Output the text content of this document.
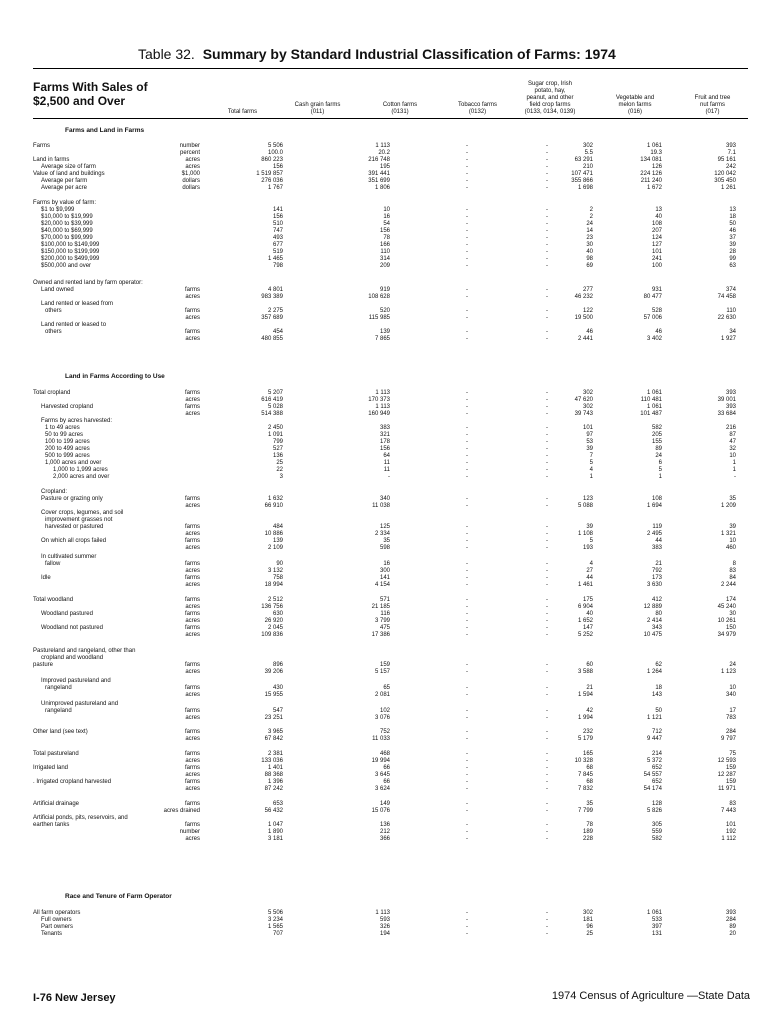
Table 32. Summary by Standard Industrial Classification of Farms: 1974
Farms With Sales of
$2,500 and Over
Total farms
Cash grain farms
(011)
Cotton farms
(0131)
Tobacco farms
(0132)
Sugar crop, Irish
potato, hay,
peanut, and other
field crop farms
(0133, 0134, 0139)
Vegetable and
melon farms
(016)
Fruit and tree
nut farms
(017)
Farms and Land in Farms
Land in Farms According to Use
Race and Tenure of Farm Operator
Farms	number	5 506	1 113	-	-	302	1 061	393
percent	100.0	20.2	-	-	5.5	19.3	7.1
Land in farms	acres	860 223	216 748	-	-	63 291	134 081	95 161
Average size of farm	acres	156	195	-	-	210	126	242
Value of land and buildings	$1,000	1 519 857	391 441	-	-	107 471	224 126	120 042
Average per farm	dollars	276 036	351 699	-	-	355 866	211 240	305 450
Average per acre	dollars	1 767	1 806	-	-	1 698	1 672	1 261
Farms by value of farm:
$1 to $9,999	141	10	-	-	2	13	13
$10,000 to $19,999	156	16	-	-	2	40	18
$20,000 to $39,999	510	54	-	-	24	108	50
$40,000 to $69,999	747	156	-	-	14	207	46
$70,000 to $99,999	493	78	-	-	23	124	37
$100,000 to $149,999	677	166	-	-	30	127	39
$150,000 to $199,999	519	110	-	-	40	101	28
$200,000 to $499,999	1 465	314	-	-	98	241	99
$500,000 and over	798	209	-	-	69	100	63
Owned and rented land by farm operator:
Land owned	farms	4 801	919	-	-	277	931	374
acres	983 389	108 628	-	-	46 232	80 477	74 458
Land rented or leased from
others	farms	2 275	520	-	-	122	528	110
acres	357 689	115 985	-	-	19 500	57 006	22 630
Land rented or leased to
others	farms	454	139	-	-	46	46	34
acres	480 855	7 865	-	-	2 441	3 402	1 927
Total cropland	farms	5 207	1 113	-	-	302	1 061	393
acres	616 419	170 373	-	-	47 620	110 481	39 001
Harvested cropland	farms	5 028	1 113	-	-	302	1 061	393
acres	514 388	160 949	-	-	39 743	101 487	33 684
Farms by acres harvested:
1 to 49 acres	2 450	383	-	-	101	582	216
50 to 99 acres	1 091	321	-	-	97	205	87
100 to 199 acres	799	178	-	-	53	155	47
200 to 499 acres	527	156	-	-	39	89	32
500 to 999 acres	136	64	-	-	7	24	10
1,000 acres and over	25	11	-	-	5	6	1
1,000 to 1,999 acres	22	11	-	-	4	5	1
2,000 acres and over	3	-	-	-	1	1	-
Cropland:
Pasture or grazing only	farms	1 632	340	-	-	123	108	35
acres	66 910	11 038	-	-	5 088	1 694	1 209
Cover crops, legumes, and soil
improvement grasses not
harvested or pastured	farms	484	125	-	-	39	119	39
acres	10 886	2 334	-	-	1 108	2 495	1 321
On which all crops failed	farms	139	35	-	-	5	44	10
acres	2 109	598	-	-	193	383	460
In cultivated summer
fallow	farms	90	16	-	-	4	21	8
acres	3 132	300	-	-	27	792	83
Idle	farms	758	141	-	-	44	173	84
acres	18 994	4 154	-	-	1 461	3 630	2 244
Total woodland	farms	2 512	571	-	-	175	412	174
acres	136 756	21 185	-	-	6 904	12 889	45 240
Woodland pastured	farms	630	116	-	-	40	80	30
acres	26 920	3 799	-	-	1 652	2 414	10 261
Woodland not pastured	farms	2 045	475	-	-	147	343	150
acres	109 836	17 386	-	-	5 252	10 475	34 979
Pastureland and rangeland, other than
cropland and woodland
pasture	farms	896	159	-	-	60	62	24
acres	39 206	5 157	-	-	3 588	1 264	1 123
Improved pastureland and
rangeland	farms	430	65	-	-	21	18	10
acres	15 955	2 081	-	-	1 594	143	340
Unimproved pastureland and
rangeland	farms	547	102	-	-	42	50	17
acres	23 251	3 076	-	-	1 994	1 121	783
Other land (see text)	farms	3 965	752	-	-	232	712	284
acres	67 842	11 033	-	-	5 179	9 447	9 797
Total pastureland	farms	2 381	468	-	-	165	214	75
acres	133 036	19 994	-	-	10 328	5 372	12 593
Irrigated land	farms	1 401	66	-	-	68	652	159
acres	88 368	3 645	-	-	7 845	54 557	12 287
. Irrigated cropland harvested	farms	1 396	66	-	-	68	652	159
acres	87 242	3 624	-	-	7 832	54 174	11 971
Artificial drainage	farms	653	149	-	-	35	128	83
acres drained	56 432	15 076	-	-	7 799	5 826	7 443
Artificial ponds, pits, reservoirs, and
earthen tanks	farms	1 047	136	-	-	78	305	101
number	1 890	212	-	-	189	559	192
acres	3 181	366	-	-	228	582	1 112
All farm operators	5 506	1 113	-	-	302	1 061	393
Full owners	3 234	593	-	-	181	533	284
Part owners	1 565	326	-	-	96	397	89
Tenants	707	194	-	-	25	131	20
I-76 New Jersey	1974 Census of Agriculture —State Data
